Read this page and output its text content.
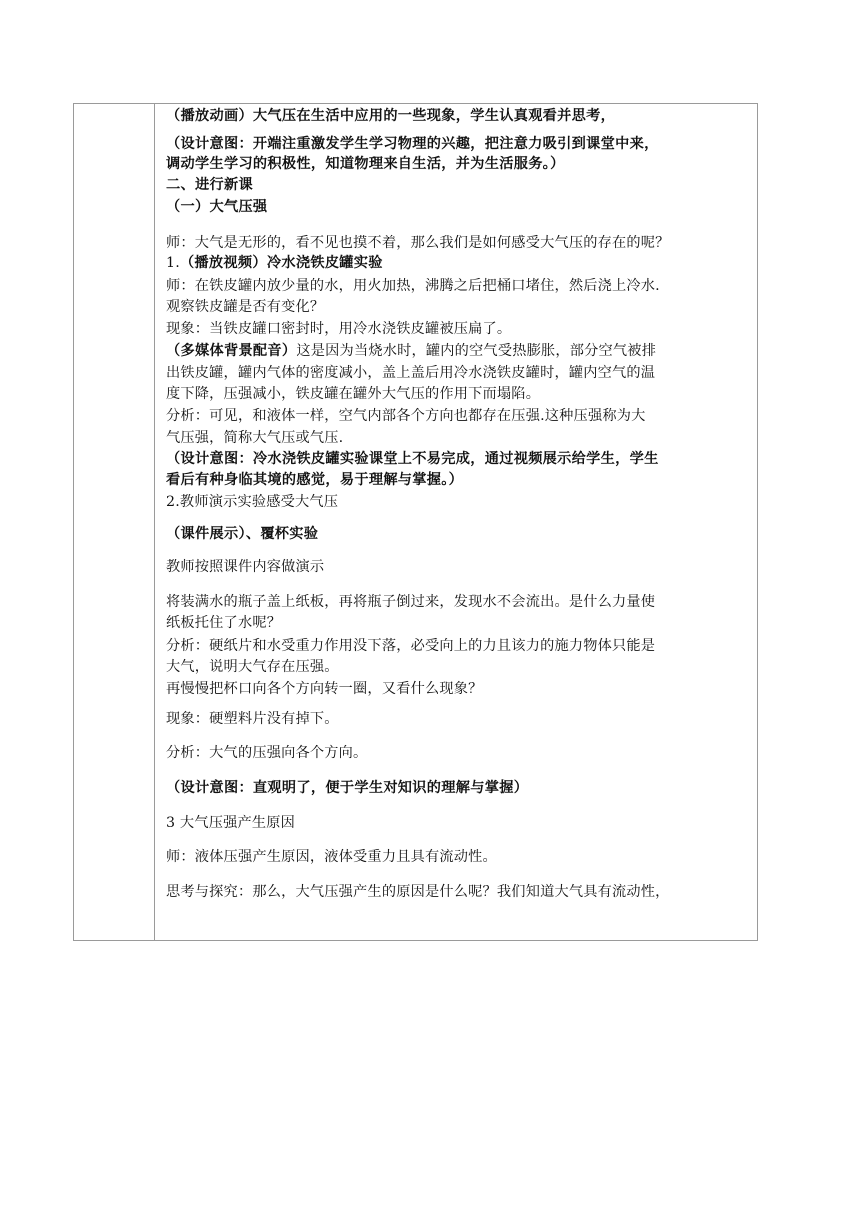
（播放动画）大气压在生活中应用的一些现象，学生认真观看并思考，
（设计意图：开端注重激发学生学习物理的兴趣，把注意力吸引到课堂中来，
调动学生学习的积极性，知道物理来自生活，并为生活服务。）
二、进行新课
（一）大气压强
师：大气是无形的，看不见也摸不着，那么我们是如何感受大气压的存在的呢？
1.（播放视频）冷水浇铁皮罐实验
师：在铁皮罐内放少量的水，用火加热，沸腾之后把桶口堵住，然后浇上冷水.
观察铁皮罐是否有变化？
现象：当铁皮罐口密封时，用冷水浇铁皮罐被压扁了。
（多媒体背景配音）这是因为当烧水时，罐内的空气受热膨胀，部分空气被排
出铁皮罐，罐内气体的密度减小，盖上盖后用冷水浇铁皮罐时，罐内空气的温
度下降，压强减小，铁皮罐在罐外大气压的作用下而塌陷。
分析：可见，和液体一样，空气内部各个方向也都存在压强.这种压强称为大
气压强，简称大气压或气压.
（设计意图：冷水浇铁皮罐实验课堂上不易完成，通过视频展示给学生，学生
看后有种身临其境的感觉，易于理解与掌握。）
2.教师演示实验感受大气压
（课件展示）、覆杯实验
教师按照课件内容做演示
将装满水的瓶子盖上纸板，再将瓶子倒过来，发现水不会流出。是什么力量使
纸板托住了水呢？
分析：硬纸片和水受重力作用没下落，必受向上的力且该力的施力物体只能是
大气，说明大气存在压强。
再慢慢把杯口向各个方向转一圈，又看什么现象？
现象：硬塑料片没有掉下。
分析：大气的压强向各个方向。
（设计意图：直观明了，便于学生对知识的理解与掌握）
3 大气压强产生原因
师：液体压强产生原因，液体受重力且具有流动性。
思考与探究：那么，大气压强产生的原因是什么呢？我们知道大气具有流动性，
